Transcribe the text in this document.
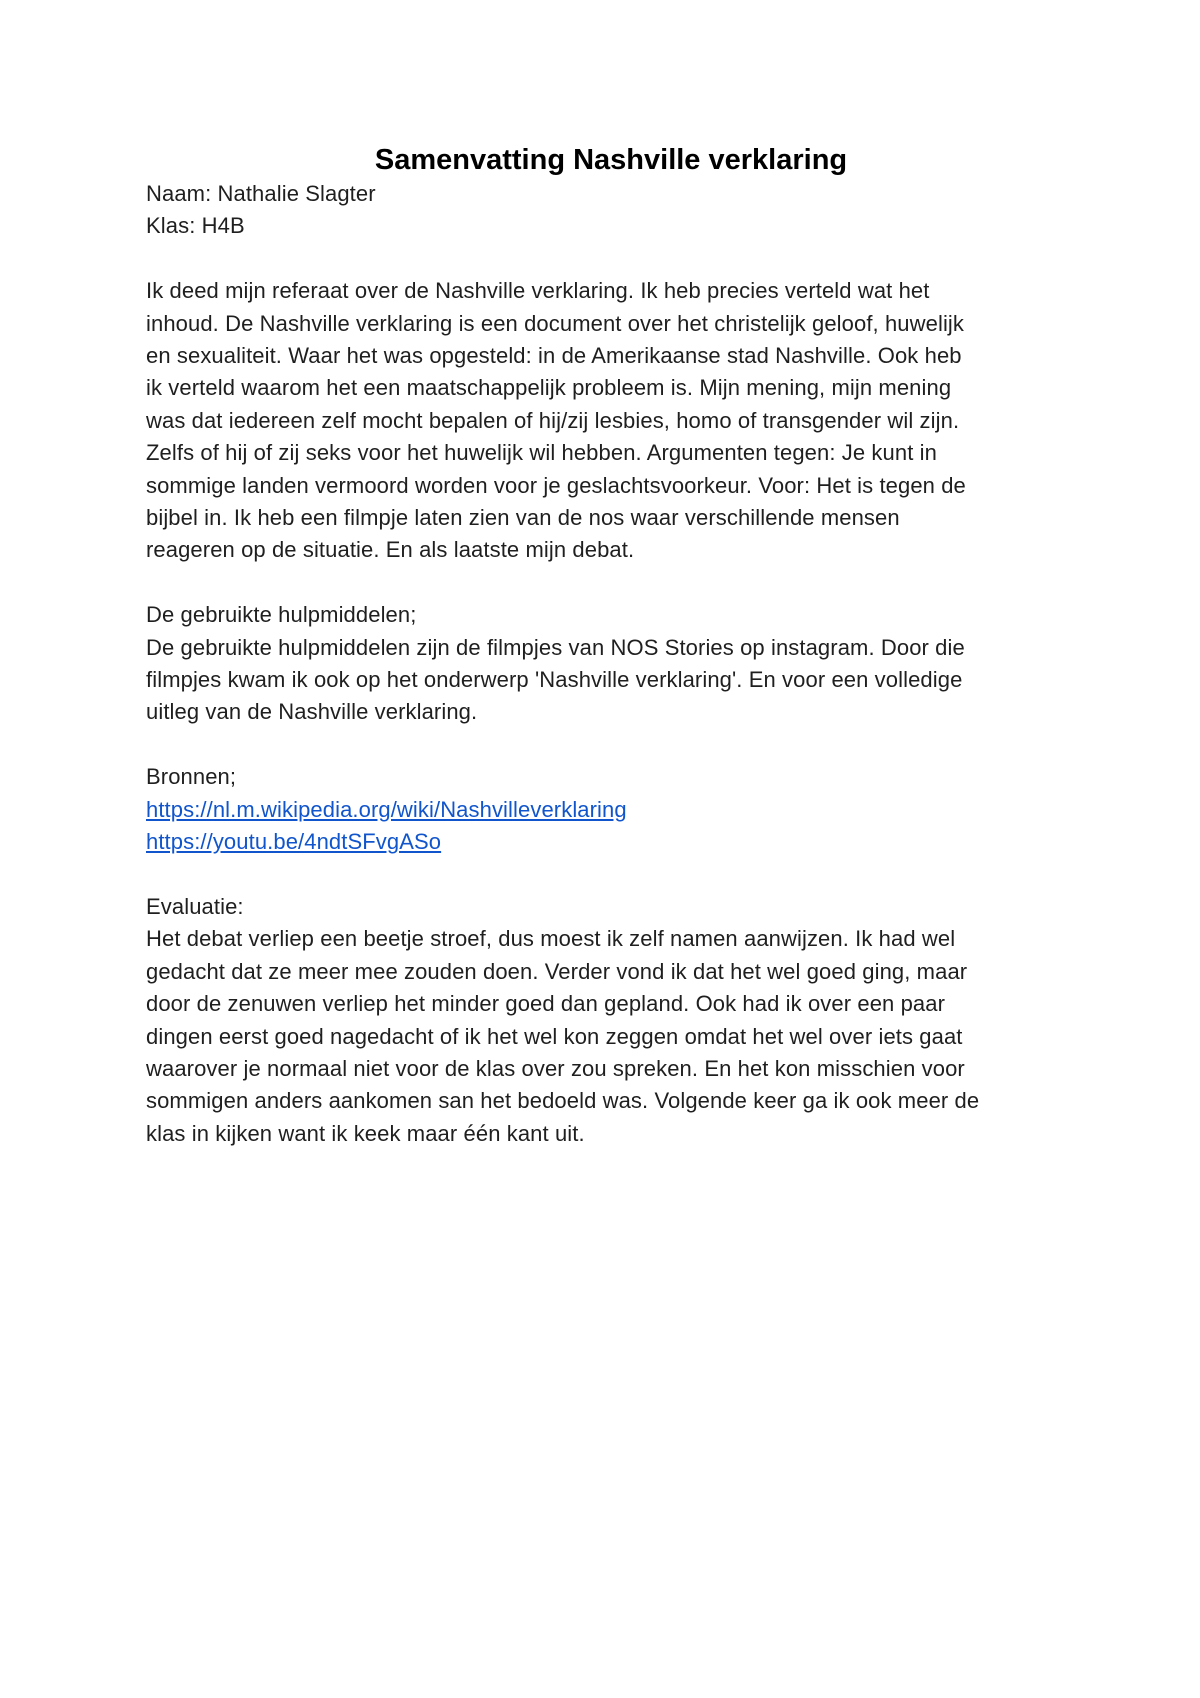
Samenvatting Nashville verklaring

Naam: Nathalie Slagter

Klas: H4B

Ik deed mijn referaat over de Nashville verklaring. Ik heb precies verteld wat het

inhoud. De Nashville verklaring is een document over het christelijk geloof, huwelijk

en sexualiteit. Waar het was opgesteld: in de Amerikaanse stad Nashville. Ook heb

ik verteld waarom het een maatschappelijk probleem is. Mijn mening, mijn mening

was dat iedereen zelf mocht bepalen of hij/zij lesbies, homo of transgender wil zijn.

Zelfs of hij of zij seks voor het huwelijk wil hebben. Argumenten tegen: Je kunt in

sommige landen vermoord worden voor je geslachtsvoorkeur. Voor: Het is tegen de

bijbel in. Ik heb een filmpje laten zien van de nos waar verschillende mensen

reageren op de situatie. En als laatste mijn debat.

De gebruikte hulpmiddelen;

De gebruikte hulpmiddelen zijn de filmpjes van NOS Stories op instagram. Door die

filmpjes kwam ik ook op het onderwerp 'Nashville verklaring'. En voor een volledige

uitleg van de Nashville verklaring.

Bronnen;

https://nl.m.wikipedia.org/wiki/Nashvilleverklaring

https://youtu.be/4ndtSFvgASo

Evaluatie:

Het debat verliep een beetje stroef, dus moest ik zelf namen aanwijzen. Ik had wel

gedacht dat ze meer mee zouden doen. Verder vond ik dat het wel goed ging, maar

door de zenuwen verliep het minder goed dan gepland. Ook had ik over een paar

dingen eerst goed nagedacht of ik het wel kon zeggen omdat het wel over iets gaat

waarover je normaal niet voor de klas over zou spreken. En het kon misschien voor

sommigen anders aankomen san het bedoeld was. Volgende keer ga ik ook meer de

klas in kijken want ik keek maar één kant uit.
